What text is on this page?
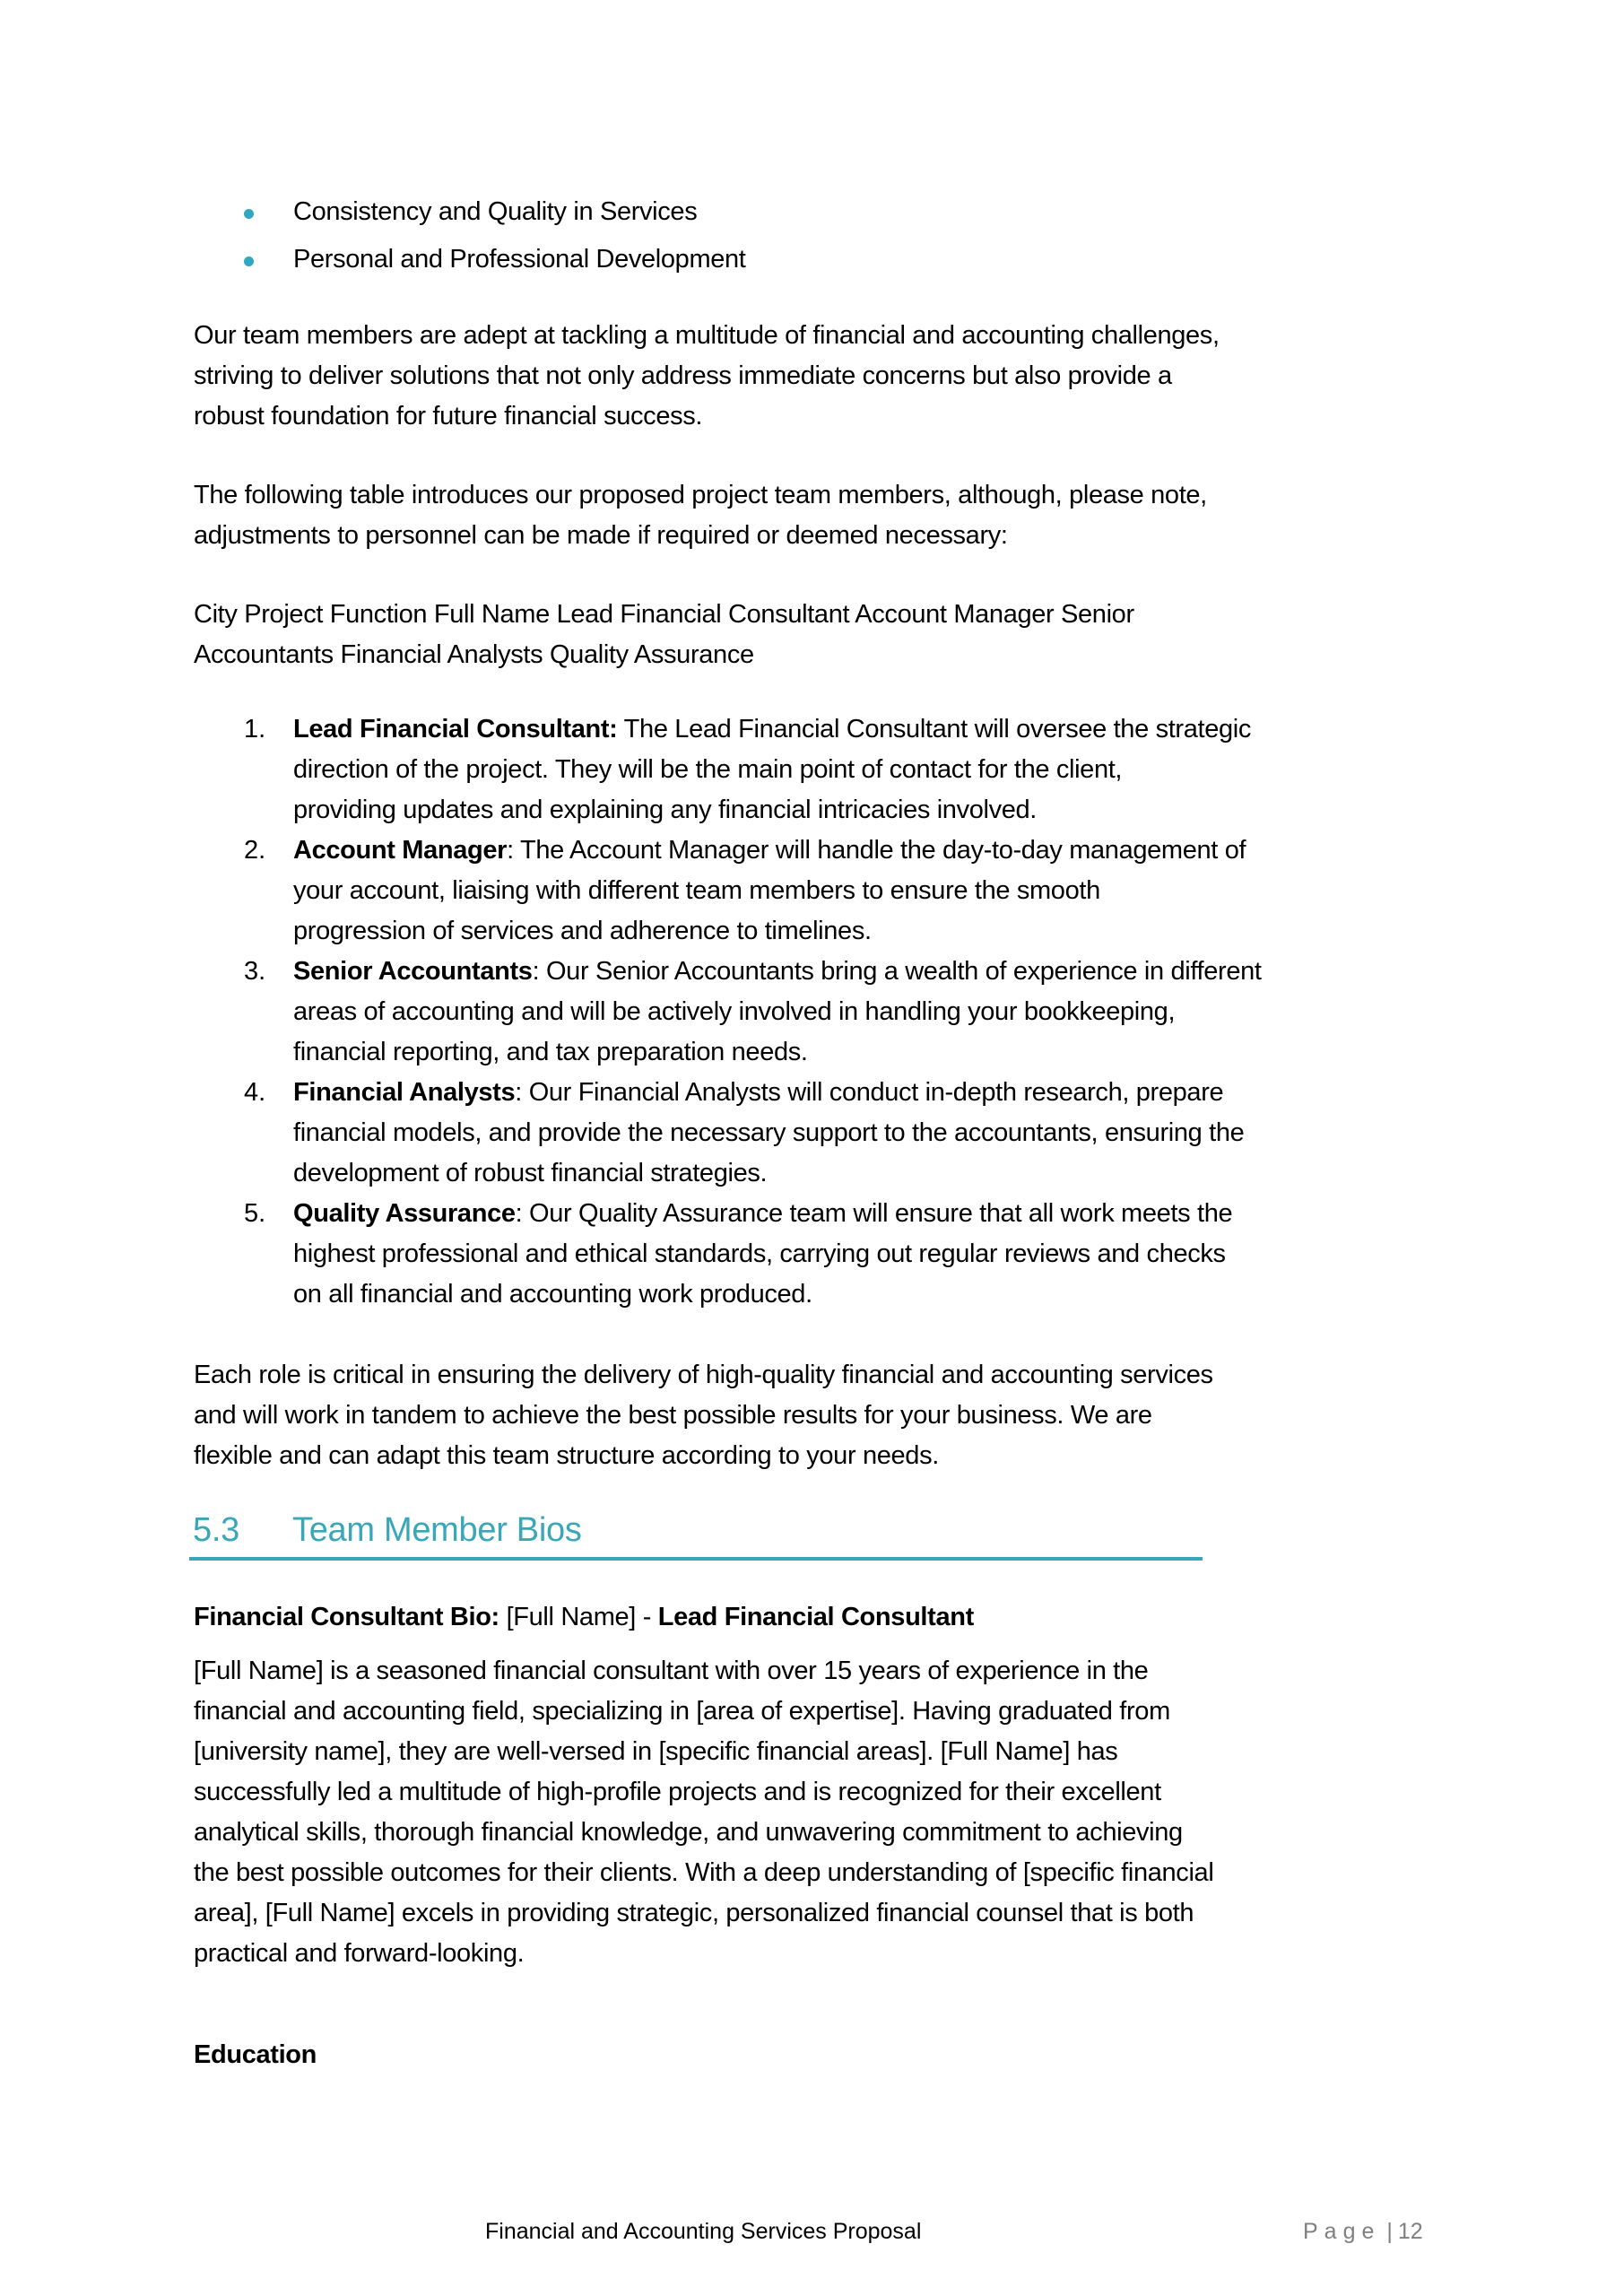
Consistency and Quality in Services
Personal and Professional Development
Our team members are adept at tackling a multitude of financial and accounting challenges,
striving to deliver solutions that not only address immediate concerns but also provide a
robust foundation for future financial success.
The following table introduces our proposed project team members, although, please note,
adjustments to personnel can be made if required or deemed necessary:
City Project Function Full Name Lead Financial Consultant Account Manager Senior
Accountants Financial Analysts Quality Assurance
1. Lead Financial Consultant: The Lead Financial Consultant will oversee the strategic
direction of the project. They will be the main point of contact for the client,
providing updates and explaining any financial intricacies involved.
2. Account Manager: The Account Manager will handle the day-to-day management of
your account, liaising with different team members to ensure the smooth
progression of services and adherence to timelines.
3. Senior Accountants: Our Senior Accountants bring a wealth of experience in different
areas of accounting and will be actively involved in handling your bookkeeping,
financial reporting, and tax preparation needs.
4. Financial Analysts: Our Financial Analysts will conduct in-depth research, prepare
financial models, and provide the necessary support to the accountants, ensuring the
development of robust financial strategies.
5. Quality Assurance: Our Quality Assurance team will ensure that all work meets the
highest professional and ethical standards, carrying out regular reviews and checks
on all financial and accounting work produced.
Each role is critical in ensuring the delivery of high-quality financial and accounting services
and will work in tandem to achieve the best possible results for your business. We are
flexible and can adapt this team structure according to your needs.
5.3 Team Member Bios
Financial Consultant Bio: [Full Name] - Lead Financial Consultant
[Full Name] is a seasoned financial consultant with over 15 years of experience in the
financial and accounting field, specializing in [area of expertise]. Having graduated from
[university name], they are well-versed in [specific financial areas]. [Full Name] has
successfully led a multitude of high-profile projects and is recognized for their excellent
analytical skills, thorough financial knowledge, and unwavering commitment to achieving
the best possible outcomes for their clients. With a deep understanding of [specific financial
area], [Full Name] excels in providing strategic, personalized financial counsel that is both
practical and forward-looking.
Education
Financial and Accounting Services Proposal	Page | 12
